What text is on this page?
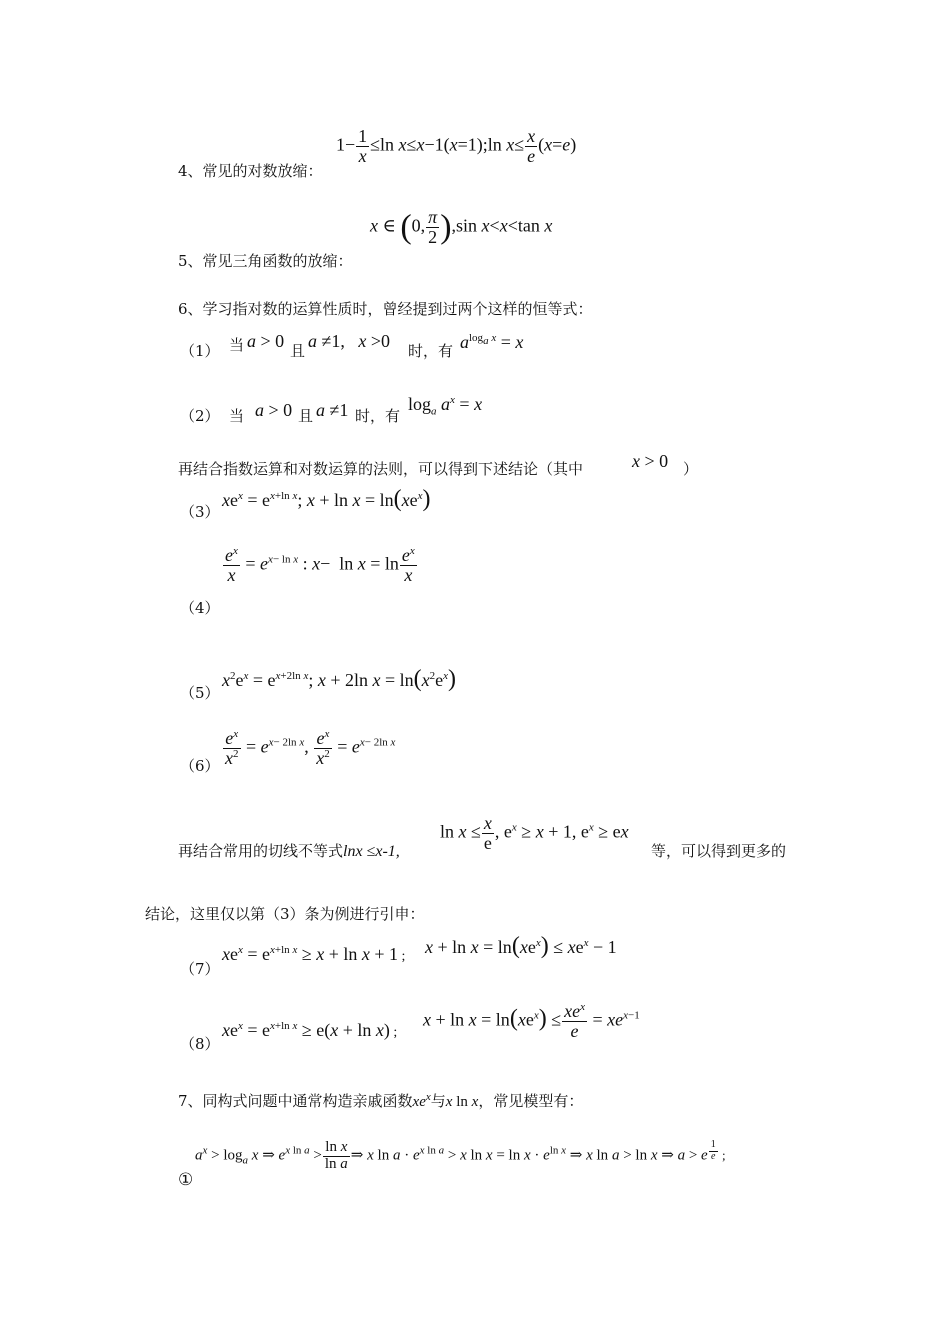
$1- \frac{1}{x} \le\ln$ x≤x−1(x=1);ln $x\le \frac{x}{e} (x=e)$
4、常见的对数放缩：
x ∈ (0, $\frac{\pi}{2} ),\sin$ x<x<tan x
5、常见三角函数的放缩：
6、学习指对数的运算性质时，曾经提到过两个这样的恒等式：
（1） 当 a > 0 且 a ≠1,   x >0 时，有 $a^{log_a x} = x$
（2） 当 a > 0 且 a ≠1 时，有
$\log_a a^x = x$
再结合指数运算和对数运算的法则，可以得到下述结论（其中	x > 0 ）
（3）
$xe^x = e^{x+ln x}$; $x + \ln x = \ln(xe^x)$
$\frac{e^x}{x} = e^{x- ln x}$ : $x- \ln x = \ln \frac{e^x}{x}$
（4）
（5）
$x^2e^x = e^{x+2ln x}$; x + 2ln $x = \ln(x^2e^x)$
$(6) \frac{e^x}{x^2} = e^{x- 2ln x}$, $\frac{e^x}{x^2} = e^{x- 2ln x}$
再结合常用的切线不等式lnx ≤x-1,
$\ln x \le \frac{x}{e}$ , $e^x \ge x + 1$, $e^x$ ≥ ex
等，可以得到更多的
结论，这里仅以第（3）条为例进行引申：
（7）
$xe^x = e^{x+ln x} \ge x + \ln x + 1$ ; $x + \ln x = \ln(xe^x) \le xe^x - 1$
（8）
$xe^x = e^{x+ln x} \ge e(x + \ln x)$ ;
$x + \ln x = \ln(xe^x) \le \frac{xe^x}{e} = xe^{x-1}$
7、同构式问题中通常构造亲戚函数$xe^x$与x ln x，常见模型有：
①
$a^x > \log_a x$ ⇒ $e^{x ln a} > \frac{\text{ln x}}{\text{ln a}}$ ⇒ x $\ln a \cdot e^{x ln a} > x$ $\ln x = \ln x \cdot e^{ln x}$ ⇒ x ln a > ln x ⇒ a > e $^{\frac{1}{e}}$ ;
